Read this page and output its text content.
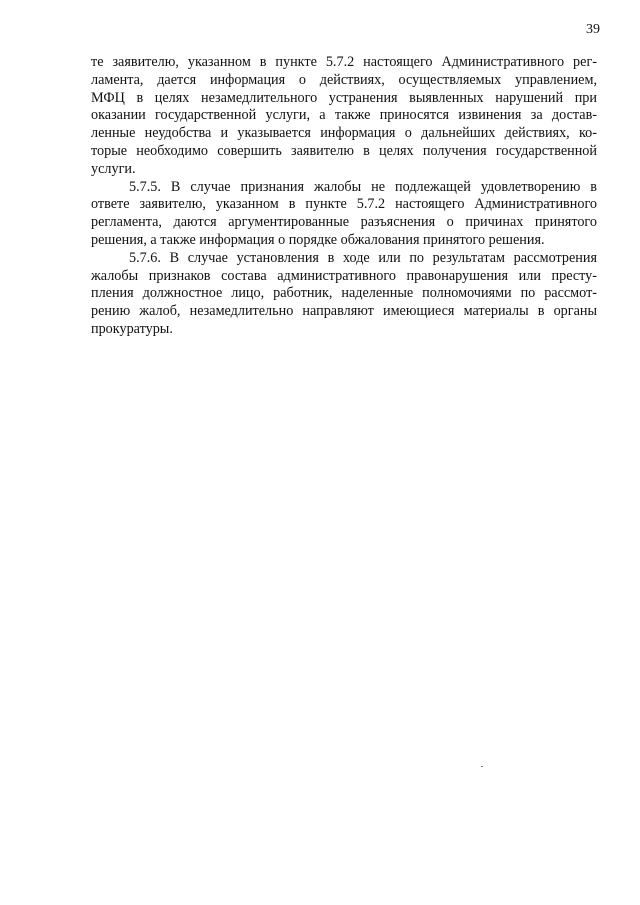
39
те заявителю, указанном в пункте 5.7.2 настоящего Административного рег-
ламента, дается информация о действиях, осуществляемых управлением,
МФЦ в целях незамедлительного устранения выявленных нарушений при
оказании государственной услуги, а также приносятся извинения за достав-
ленные неудобства и указывается информация о дальнейших действиях, ко-
торые необходимо совершить заявителю в целях получения государственной
услуги.
5.7.5. В случае признания жалобы не подлежащей удовлетворению в
ответе заявителю, указанном в пункте 5.7.2 настоящего Административного
регламента, даются аргументированные разъяснения о причинах принятого
решения, а также информация о порядке обжалования принятого решения.
5.7.6. В случае установления в ходе или по результатам рассмотрения
жалобы признаков состава административного правонарушения или престу-
пления должностное лицо, работник, наделенные полномочиями по рассмот-
рению жалоб, незамедлительно направляют имеющиеся материалы в органы
прокуратуры.
